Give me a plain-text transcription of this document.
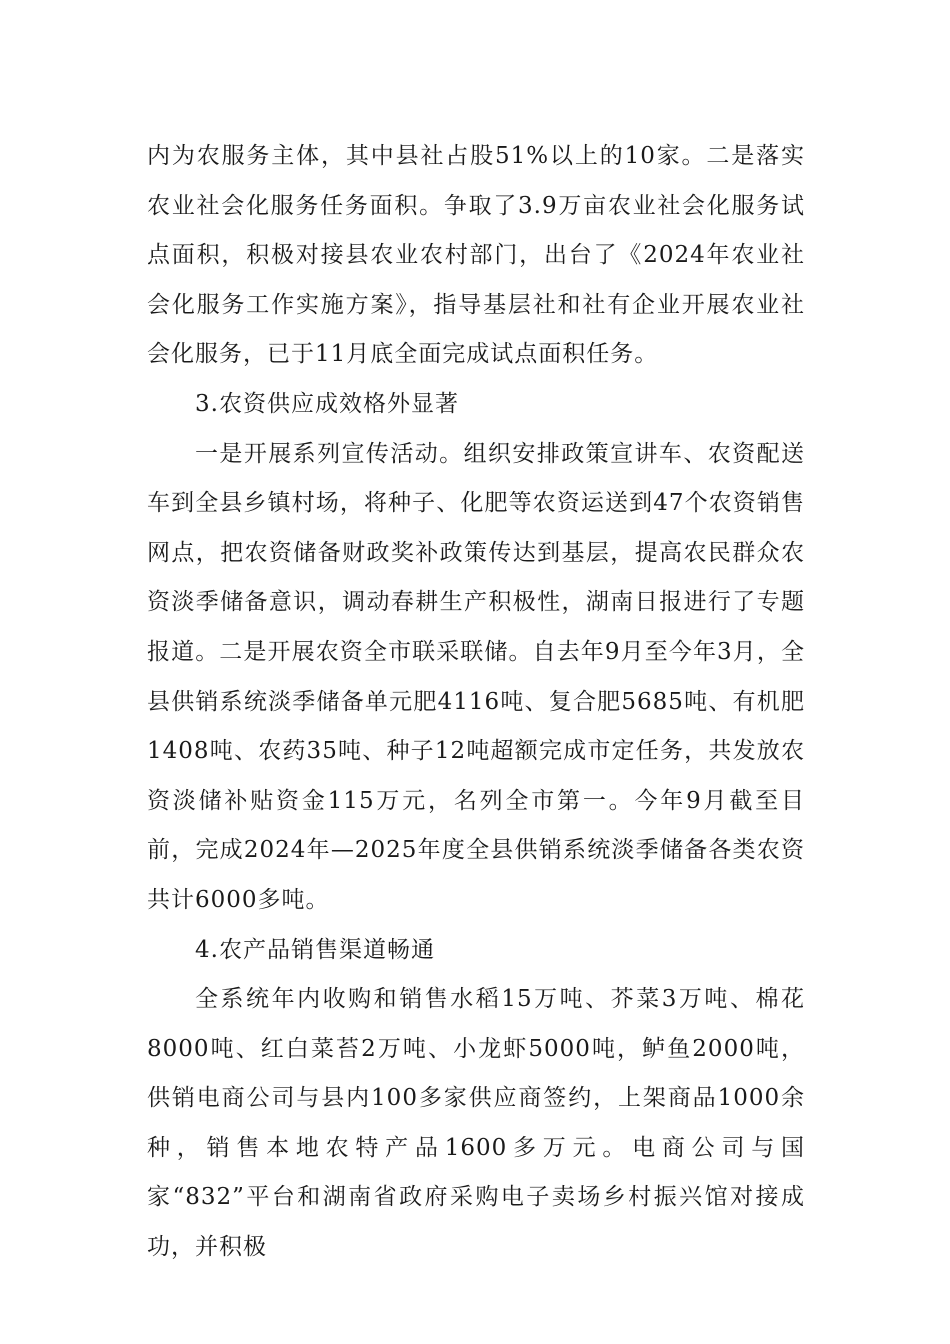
内为农服务主体，其中县社占股51%以上的10家。二是落实农业社会化服务任务面积。争取了3.9万亩农业社会化服务试点面积，积极对接县农业农村部门，出台了《2024年农业社会化服务工作实施方案》，指导基层社和社有企业开展农业社会化服务，已于11月底全面完成试点面积任务。

3.农资供应成效格外显著

一是开展系列宣传活动。组织安排政策宣讲车、农资配送车到全县乡镇村场，将种子、化肥等农资运送到47个农资销售网点，把农资储备财政奖补政策传达到基层，提高农民群众农资淡季储备意识，调动春耕生产积极性，湖南日报进行了专题报道。二是开展农资全市联采联储。自去年9月至今年3月，全县供销系统淡季储备单元肥4116吨、复合肥5685吨、有机肥1408吨、农药35吨、种子12吨超额完成市定任务，共发放农资淡储补贴资金115万元，名列全市第一。今年9月截至目前，完成2024年—2025年度全县供销系统淡季储备各类农资共计6000多吨。

4.农产品销售渠道畅通

全系统年内收购和销售水稻15万吨、芥菜3万吨、棉花8000吨、红白菜苔2万吨、小龙虾5000吨，鲈鱼2000吨，供销电商公司与县内100多家供应商签约，上架商品1000余种，销售本地农特产品1600多万元。电商公司与国家“832”平台和湖南省政府采购电子卖场乡村振兴馆对接成功，并积极
